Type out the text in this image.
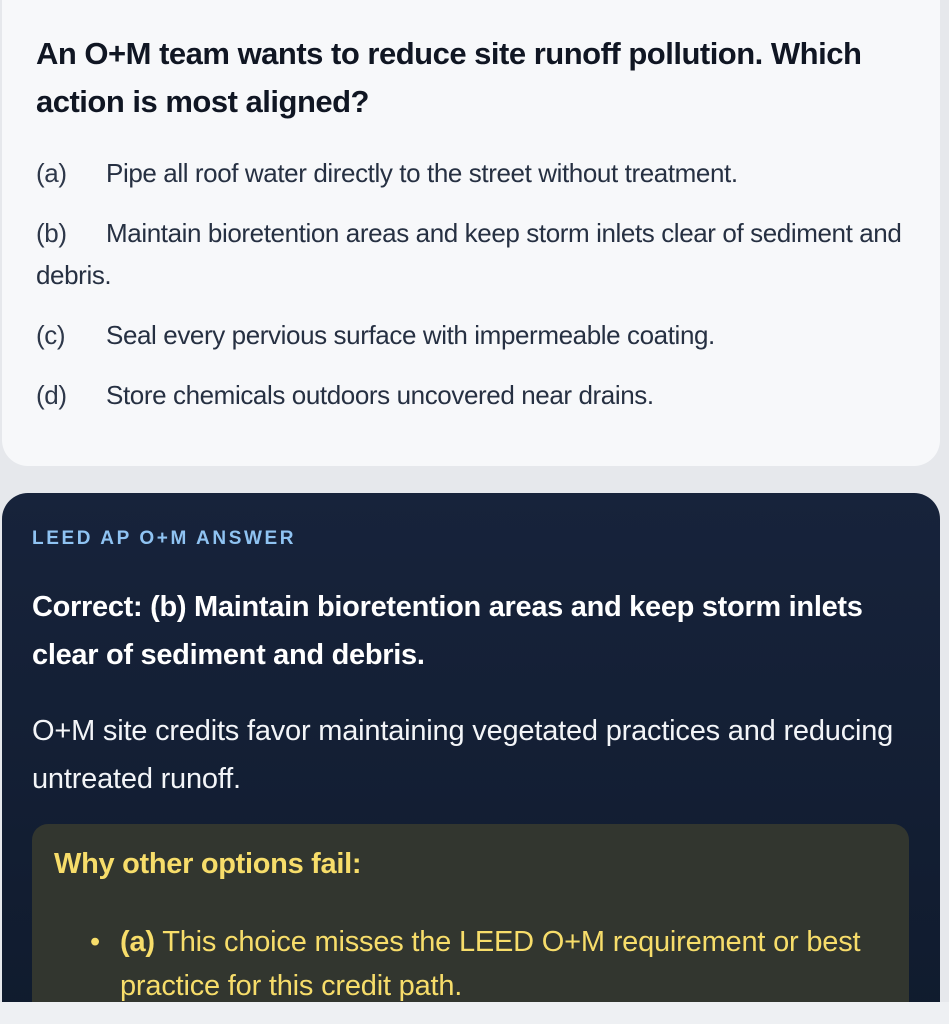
An O+M team wants to reduce site runoff pollution. Which action is most aligned?
(a) Pipe all roof water directly to the street without treatment.
(b) Maintain bioretention areas and keep storm inlets clear of sediment and debris.
(c) Seal every pervious surface with impermeable coating.
(d) Store chemicals outdoors uncovered near drains.
LEED AP O+M ANSWER
Correct: (b) Maintain bioretention areas and keep storm inlets clear of sediment and debris.
O+M site credits favor maintaining vegetated practices and reducing untreated runoff.
Why other options fail:
• (a) This choice misses the LEED O+M requirement or best practice for this credit path.
